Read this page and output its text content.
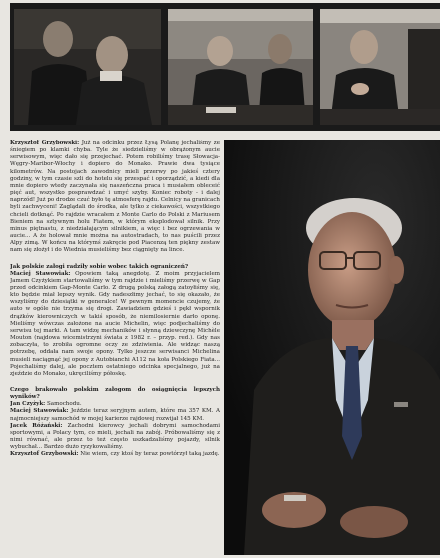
Krzysztof Grzybowski: Już na odcinku przez Łysą Polanę jechaliśmy ze śniegiem po klamki chyba. Tyle że siedzieliśmy w obrążonym aucie serwisowym, więc dało się przejechać. Potem robiliśmy trasę Słowacja-Węgry-Maribor-Włochy i dopiero do Monako. Prawie dwa tysiące kilometrów. Na postojach zawodnicy mieli przerwy po jakieś cztery godziny, w tym czasie szli do hotelu się przespać i oporządzić, a kiedi dla mnie dopiero wtedy zaczynała się naszeńczna praca i musiałem obleceić pięć aut, wszystko posprawdzać i umyć szyby. Koniec roboty - i dalej naprzód! Już po drodze czuć było tę atmosferę rajdu. Celnicy na granicach byli zachwyceni! Zaglądali do środka, ale tylko z ciekawości, wszystkiego chcieli dotknąć. Po rajdzie wracałem z Monte Carlo do Polski z Mariusem Bieniem na sztywnym holu Fiatem, w którym eksplodował silnik. Przy minus piętnastu, z niedziałającym silnikiem, a więc i bez ogrzewania w aucie... A że holował mnie można na autostradach, to nas puścili przez Alpy zimą. W końcu na którymś zakręcie pod Piacenzą ten piękny zestaw nam się złożył i do Wiednia musieliśmy bez ciągnięty na lince.

Jak polskie załogi radziły sobie wobec takich ograniczeń?

Maciej Stawowiak: Opowiem taką anegdotę. Z moim przyjacielem Jamem Czyżykiem startowaliśmy w tym rajdzie i mieliśmy przerwę w Gap przed odcinkiem Gap-Monte Carlo. Z drugą polską załogą zatoyłiśmy się, kto będzie miał lepszy wynik. Gdy nadeszłimy jechać, to się okazało, że wszyliśmy do dziesiątki w generalce! W pewnym momencie czujemy, że auto w ogóle nie trzyma się drogi. Zawiadziem gdzieś i pękł wspornik drążków kierowniczych w takiś sposób, że niemilosiernie darło oponę. Mieliśmy wówczas założone na aucie Michelin, więc podjechaliśmy do serwisu tej marki. A tam widzę mechaników i słynną dziewczynę Michèle Mouton (najdowa wicemistrzyni świata z 1982 r. – przyp. red.). Gdy nas zobaczyła, to zrobiła ogromne oczy ze zdziwienia. Ale widząc naszą potrzebę, oddała nam swoje opony. Tylko jeszcze serwisanci Michelina musieli naciągnąć jej opony z Autobianchi A112 na koła Polskiego Fiata... Pojechaliśmy dalej, ale pocztem ostatniego odcinka specjalnego, już na zjeździe do Monako, ukręciliśmy półoskę.

Czego brakowało polskim załogom do osiągnięcia lepszych wyników?

Jan Czyżyk: Samochodu.

Maciej Stawowiak: Jeździe teraz seryjnym autem, które ma 357 KM. A najmocniejszy samochód w mojej karierze rajdowej rozwijał 145 KM.

Jacek Różański: Zachodni kierowcy jechali dobrymi samochodami sportowymi, a Polacy tym, co mieli, jechali na zabój. Próbowaliśmy się z nimi równać, ale przez to też często uszkadzaliśmy pojazdy, silnik wybuchał... Bardzo dużo ryzykowaliśmy.

Krzysztof Grzybowski: Nie wiem, czy ktoś by teraz powtórzył taką jazdę.
